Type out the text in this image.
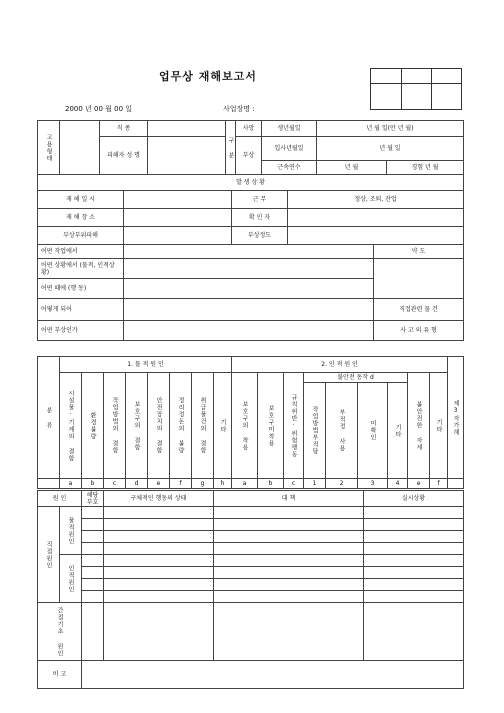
업무상 재해보고서
2000 년 00 월 00 일	사업장명 :
고용형태		직 종		구 분	사망	생년월일	년 월 일(만 년 월)	
		피해자 성 명			부상	입사년월일	년 월 일	
						근속연수	년 월	경험 년 월
발 생 상 황				
재 해 일 시		근 무	정상, 조퇴, 잔업	
재 해 장 소		확 인 자		
부상부위피해		부상정도		
어떤 작업에서				약 도
어떤 상황에서 (물적, 인적상황)				
어떤 때에 (행 동)				
어떻게 되어				직접관련 물 건
어떤 부상인가				사 고 의 유 형
분 류	1. 물 적 원 인								2. 인 적 원 인									제3자가해
	시설물·기계의 결함	환경불량	작업방법의 결함	보호구의 결함	안전장치의 결함	정리정돈의 불량	취급물건의 결함	기타	보호구의 착용	보호구미착용	규칙위반·위험행동	불안전 동작 d				불안전한 자세	기타	
												작업방법부적당	부적정 사용	미확인	기타			
	a	b	c	d	e	f	g	h	a	b	c	1	2	3	4	e	f	
원 인		해당 부호	구체적인 행동의 상태	대 책	실시상황
직접원인	물적원인				

	인적원인				

간접기초 원인					
비 고					
